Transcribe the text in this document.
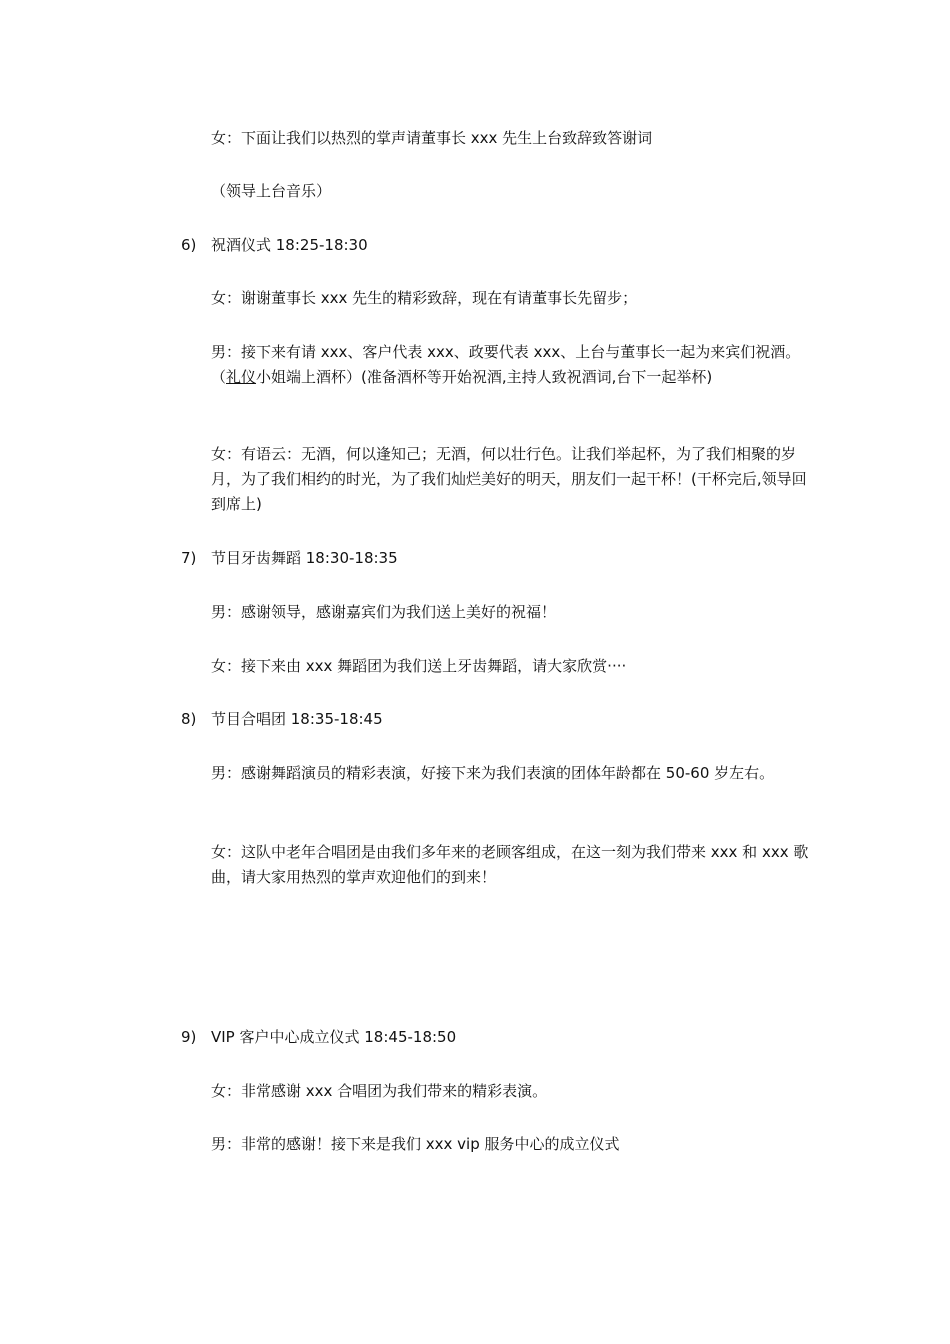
女：下面让我们以热烈的掌声请董事长 xxx 先生上台致辞致答谢词

（领导上台音乐）

6) 祝酒仪式 18:25-18:30

女：谢谢董事长 xxx 先生的精彩致辞，现在有请董事长先留步；

男：接下来有请 xxx、客户代表 xxx、政要代表 xxx、上台与董事长一起为来宾们祝酒。（礼仪小姐端上酒杯）(准备酒杯等开始祝酒,主持人致祝酒词,台下一起举杯)

女：有语云：无酒，何以逢知己；无酒，何以壮行色。让我们举起杯，为了我们相聚的岁月，为了我们相约的时光，为了我们灿烂美好的明天，朋友们一起干杯！(干杯完后,领导回到席上)

7) 节目牙齿舞蹈 18:30-18:35

男：感谢领导，感谢嘉宾们为我们送上美好的祝福！

女：接下来由 xxx 舞蹈团为我们送上牙齿舞蹈，请大家欣赏····

8) 节目合唱团 18:35-18:45

男：感谢舞蹈演员的精彩表演，好接下来为我们表演的团体年龄都在 50-60 岁左右。

女：这队中老年合唱团是由我们多年来的老顾客组成，在这一刻为我们带来 xxx 和 xxx 歌曲，请大家用热烈的掌声欢迎他们的到来！

9) VIP 客户中心成立仪式 18:45-18:50

女：非常感谢 xxx 合唱团为我们带来的精彩表演。

男：非常的感谢！接下来是我们 xxx vip 服务中心的成立仪式
